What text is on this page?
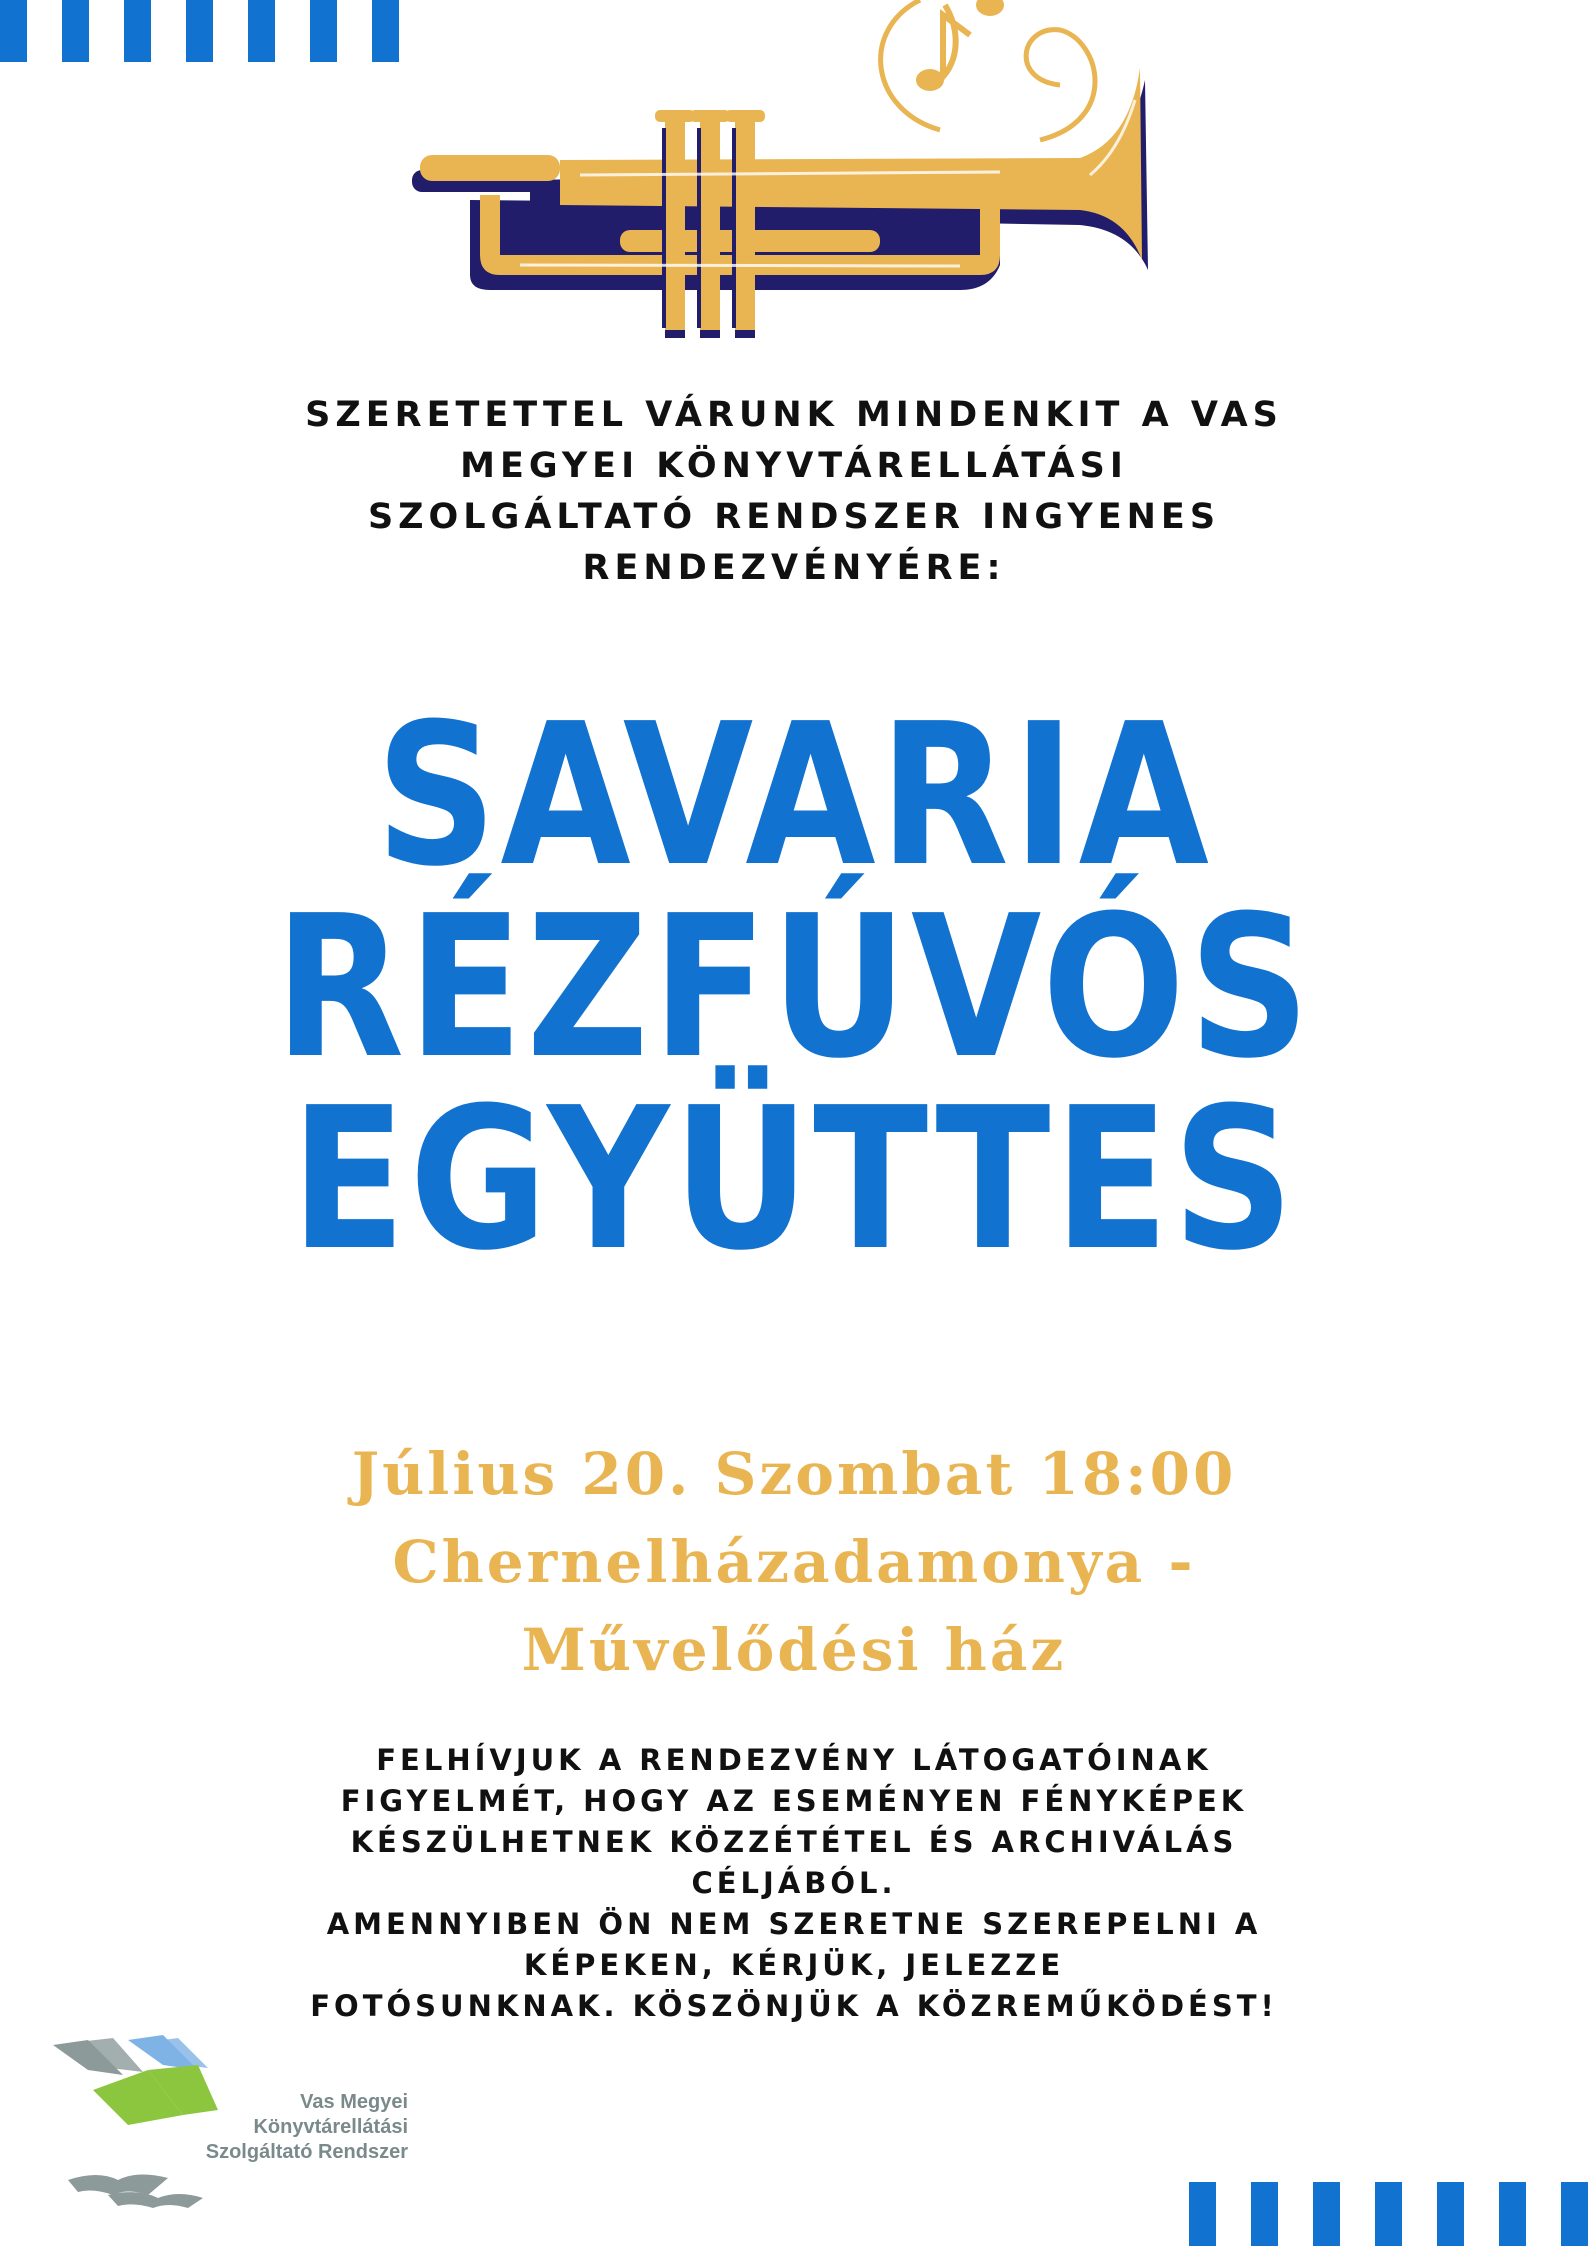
SZERETETTEL VÁRUNK MINDENKIT A VAS
MEGYEI KÖNYVTÁRELLÁTÁSI
SZOLGÁLTATÓ RENDSZER INGYENES
RENDEZVÉNYÉRE:
SAVARIA
RÉZFÚVÓS
EGYÜTTES
Július 20. Szombat 18:00
Chernelházadamonya -
Művelődési ház
FELHÍVJUK A RENDEZVÉNY LÁTOGATÓINAK
FIGYELMÉT, HOGY AZ ESEMÉNYEN FÉNYKÉPEK
KÉSZÜLHETNEK KÖZZÉTÉTEL ÉS ARCHIVÁLÁS
CÉLJÁBÓL.
AMENNYIBEN ÖN NEM SZERETNE SZEREPELNI A
KÉPEKEN, KÉRJÜK, JELEZZE
FOTÓSUNKNAK. KÖSZÖNJÜK A KÖZREMŰKÖDÉST!
Vas Megyei
Könyvtárellátási
Szolgáltató Rendszer
